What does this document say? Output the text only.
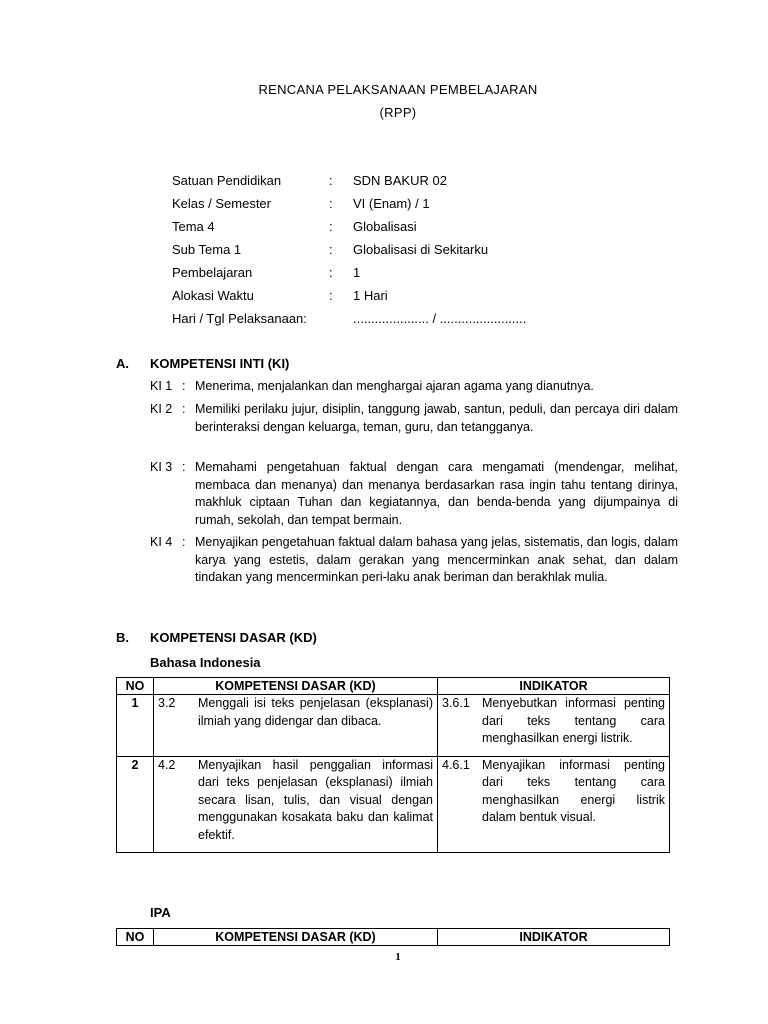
RENCANA PELAKSANAAN PEMBELAJARAN
(RPP)
Satuan Pendidikan	: SDN BAKUR 02
Kelas / Semester	: VI (Enam) / 1
Tema 4	: Globalisasi
Sub Tema 1	: Globalisasi di Sekitarku
Pembelajaran	: 1
Alokasi Waktu	: 1 Hari
Hari / Tgl Pelaksanaan:	..................... / ........................
A. KOMPETENSI INTI (KI)
KI 1 : Menerima, menjalankan dan menghargai ajaran agama yang dianutnya.
KI 2 : Memiliki perilaku jujur, disiplin, tanggung jawab, santun, peduli, dan percaya diri dalam berinteraksi dengan keluarga, teman, guru, dan tetangganya.
KI 3 : Memahami pengetahuan faktual dengan cara mengamati (mendengar, melihat, membaca dan menanya) dan menanya berdasarkan rasa ingin tahu tentang dirinya, makhluk ciptaan Tuhan dan kegiatannya, dan benda-benda yang dijumpainya di rumah, sekolah, dan tempat bermain.
KI 4 : Menyajikan pengetahuan faktual dalam bahasa yang jelas, sistematis, dan logis, dalam karya yang estetis, dalam gerakan yang mencerminkan anak sehat, dan dalam tindakan yang mencerminkan peri-laku anak beriman dan berakhlak mulia.
B. KOMPETENSI DASAR (KD)
Bahasa Indonesia
NO	KOMPETENSI DASAR (KD)	INDIKATOR
1	3.2 Menggali isi teks penjelasan (eksplanasi) ilmiah yang didengar dan dibaca.	3.6.1 Menyebutkan informasi penting dari teks tentang cara menghasilkan energi listrik.

2	4.2 Menyajikan hasil penggalian informasi dari teks penjelasan (eksplanasi) ilmiah secara lisan, tulis, dan visual dengan menggunakan kosakata baku dan kalimat efektif.	4.6.1 Menyajikan informasi penting dari teks tentang cara menghasilkan energi listrik dalam bentuk visual.
IPA
NO	KOMPETENSI DASAR (KD)	INDIKATOR
1
